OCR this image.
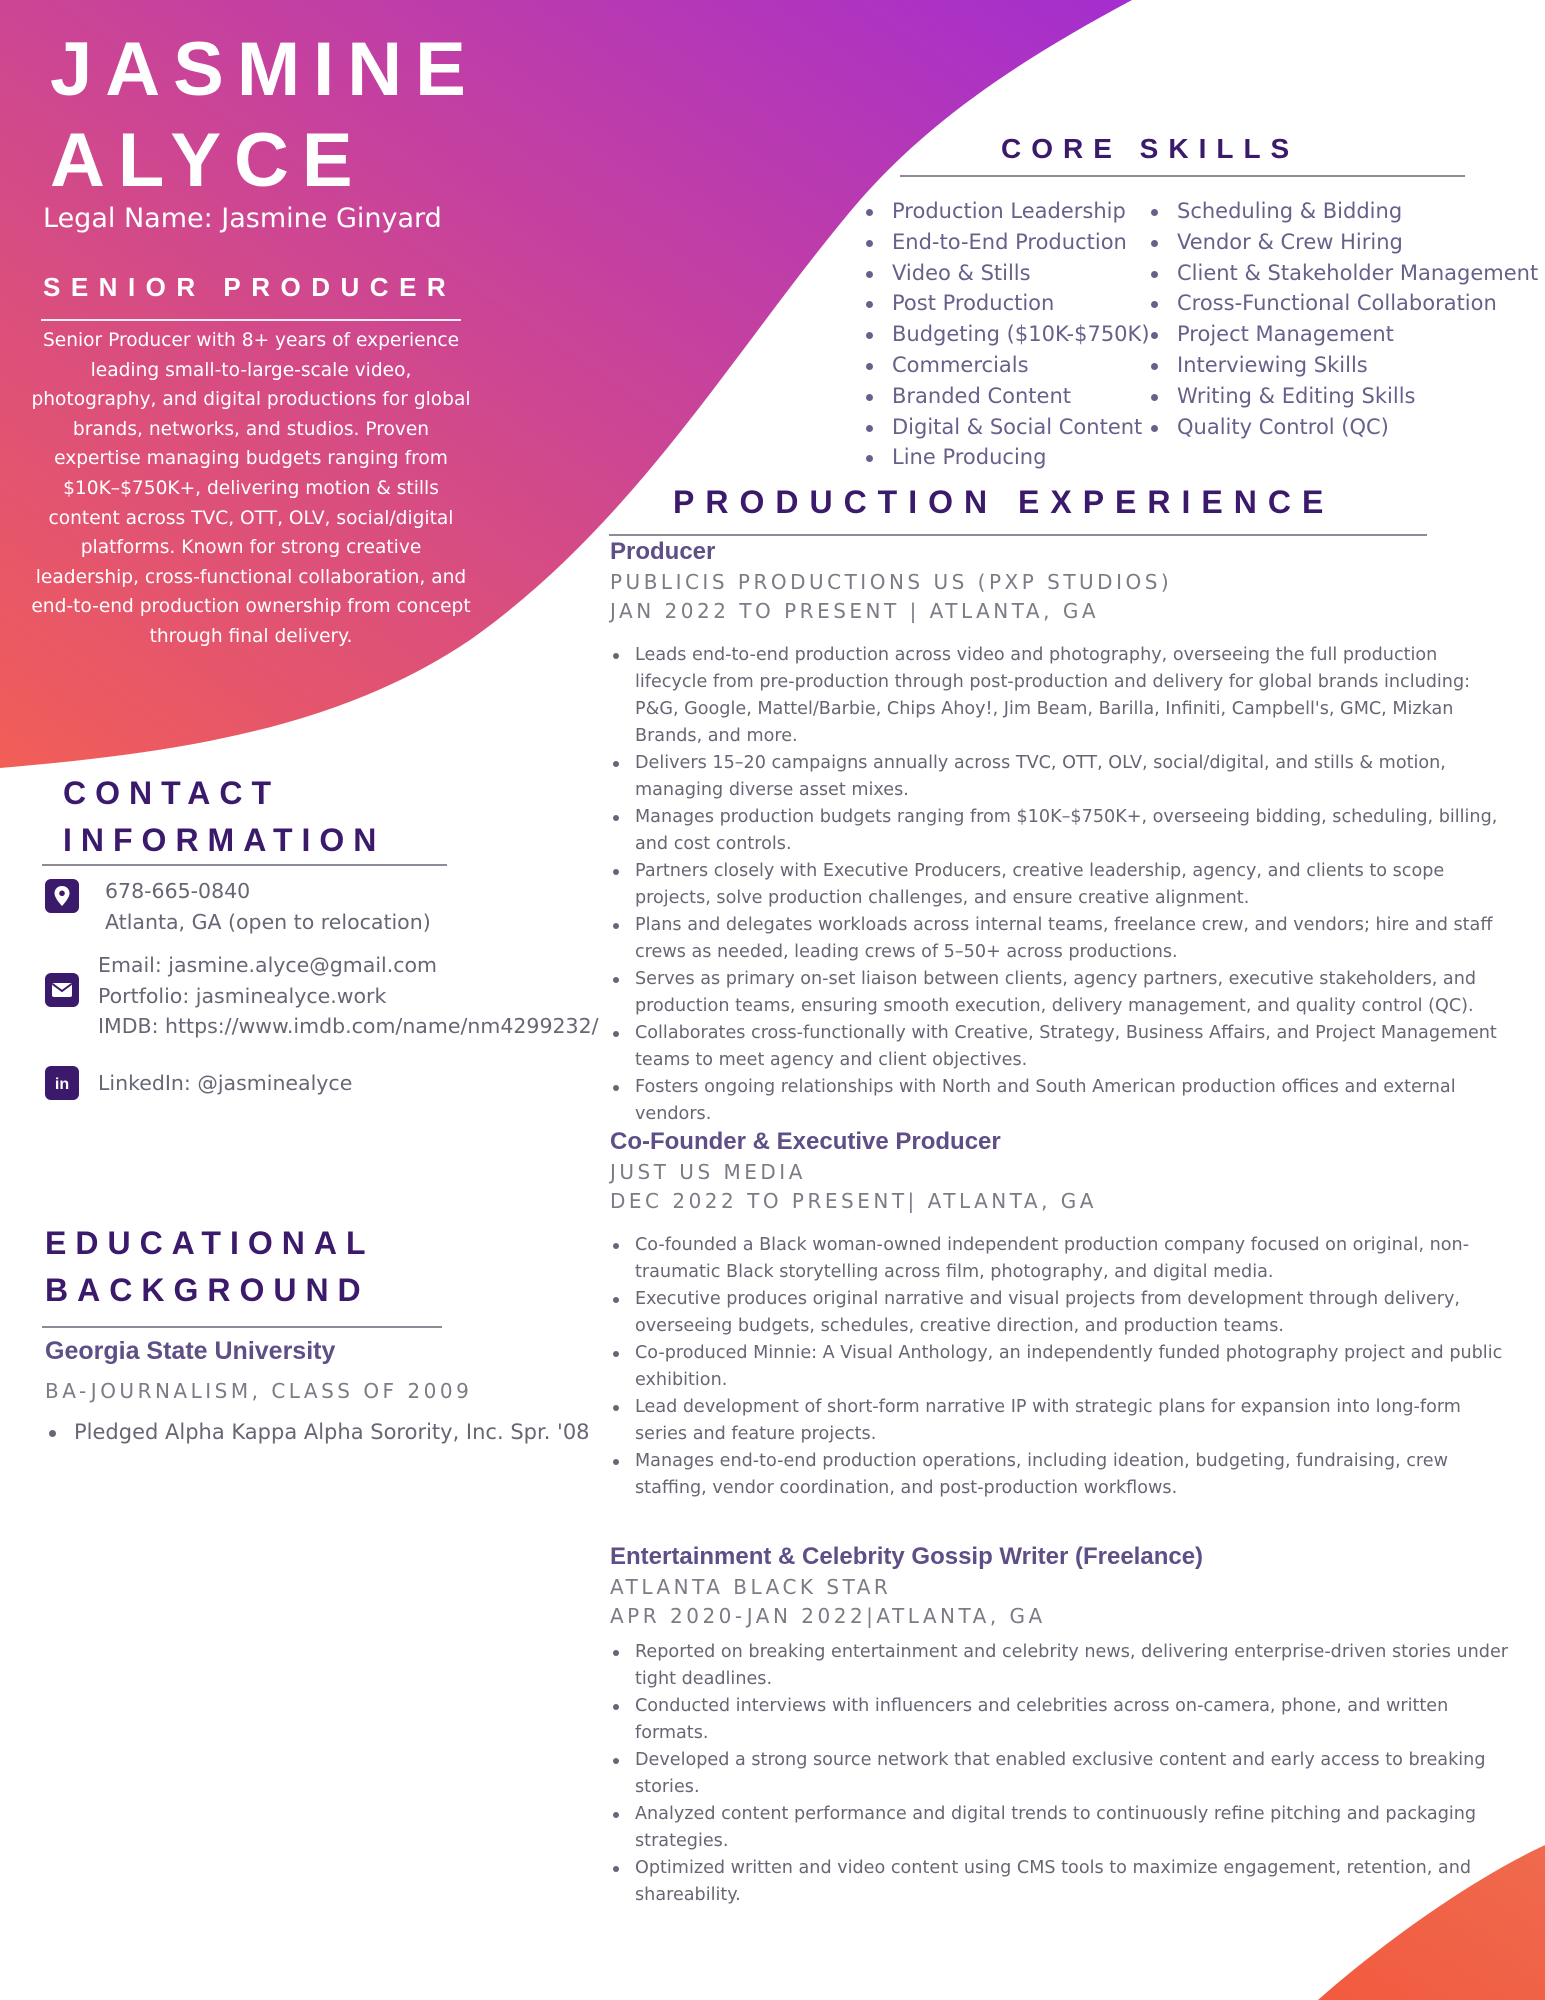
JASMINE
ALYCE
Legal Name: Jasmine Ginyard
SENIOR PRODUCER
Senior Producer with 8+ years of experience leading small-to-large-scale video, photography, and digital productions for global brands, networks, and studios. Proven expertise managing budgets ranging from $10K–$750K+, delivering motion & stills content across TVC, OTT, OLV, social/digital platforms. Known for strong creative leadership, cross-functional collaboration, and end-to-end production ownership from concept through final delivery.
CORE SKILLS
Production Leadership
End-to-End Production
Video & Stills
Post Production
Budgeting ($10K-$750K)
Commercials
Branded Content
Digital & Social Content
Line Producing
Scheduling & Bidding
Vendor & Crew Hiring
Client & Stakeholder Management
Cross-Functional Collaboration
Project Management
Interviewing Skills
Writing & Editing Skills
Quality Control (QC)
PRODUCTION EXPERIENCE
Producer
PUBLICIS PRODUCTIONS US (PXP STUDIOS)
JAN 2022 TO PRESENT | ATLANTA, GA
Leads end-to-end production across video and photography, overseeing the full production lifecycle from pre-production through post-production and delivery for global brands including: P&G, Google, Mattel/Barbie, Chips Ahoy!, Jim Beam, Barilla, Infiniti, Campbell's, GMC, Mizkan Brands, and more.
Delivers 15–20 campaigns annually across TVC, OTT, OLV, social/digital, and stills & motion, managing diverse asset mixes.
Manages production budgets ranging from $10K–$750K+, overseeing bidding, scheduling, billing, and cost controls.
Partners closely with Executive Producers, creative leadership, agency, and clients to scope projects, solve production challenges, and ensure creative alignment.
Plans and delegates workloads across internal teams, freelance crew, and vendors; hire and staff crews as needed, leading crews of 5–50+ across productions.
Serves as primary on-set liaison between clients, agency partners, executive stakeholders, and production teams, ensuring smooth execution, delivery management, and quality control (QC).
Collaborates cross-functionally with Creative, Strategy, Business Affairs, and Project Management teams to meet agency and client objectives.
Fosters ongoing relationships with North and South American production offices and external vendors.
Co-Founder & Executive Producer
JUST US MEDIA
DEC 2022 TO PRESENT| ATLANTA, GA
Co-founded a Black woman-owned independent production company focused on original, non-traumatic Black storytelling across film, photography, and digital media.
Executive produces original narrative and visual projects from development through delivery, overseeing budgets, schedules, creative direction, and production teams.
Co-produced Minnie: A Visual Anthology, an independently funded photography project and public exhibition.
Lead development of short-form narrative IP with strategic plans for expansion into long-form series and feature projects.
Manages end-to-end production operations, including ideation, budgeting, fundraising, crew staffing, vendor coordination, and post-production workflows.
Entertainment & Celebrity Gossip Writer (Freelance)
ATLANTA BLACK STAR
APR 2020-JAN 2022|ATLANTA, GA
Reported on breaking entertainment and celebrity news, delivering enterprise-driven stories under tight deadlines.
Conducted interviews with influencers and celebrities across on-camera, phone, and written formats.
Developed a strong source network that enabled exclusive content and early access to breaking stories.
Analyzed content performance and digital trends to continuously refine pitching and packaging strategies.
Optimized written and video content using CMS tools to maximize engagement, retention, and shareability.
CONTACT
INFORMATION
678-665-0840
Atlanta, GA (open to relocation)
Email: jasmine.alyce@gmail.com
Portfolio: jasminealyce.work
IMDB: https://www.imdb.com/name/nm4299232/
in LinkedIn: @jasminealyce
EDUCATIONAL
BACKGROUND
Georgia State University
BA-JOURNALISM, CLASS OF 2009
Pledged Alpha Kappa Alpha Sorority, Inc. Spr. '08
